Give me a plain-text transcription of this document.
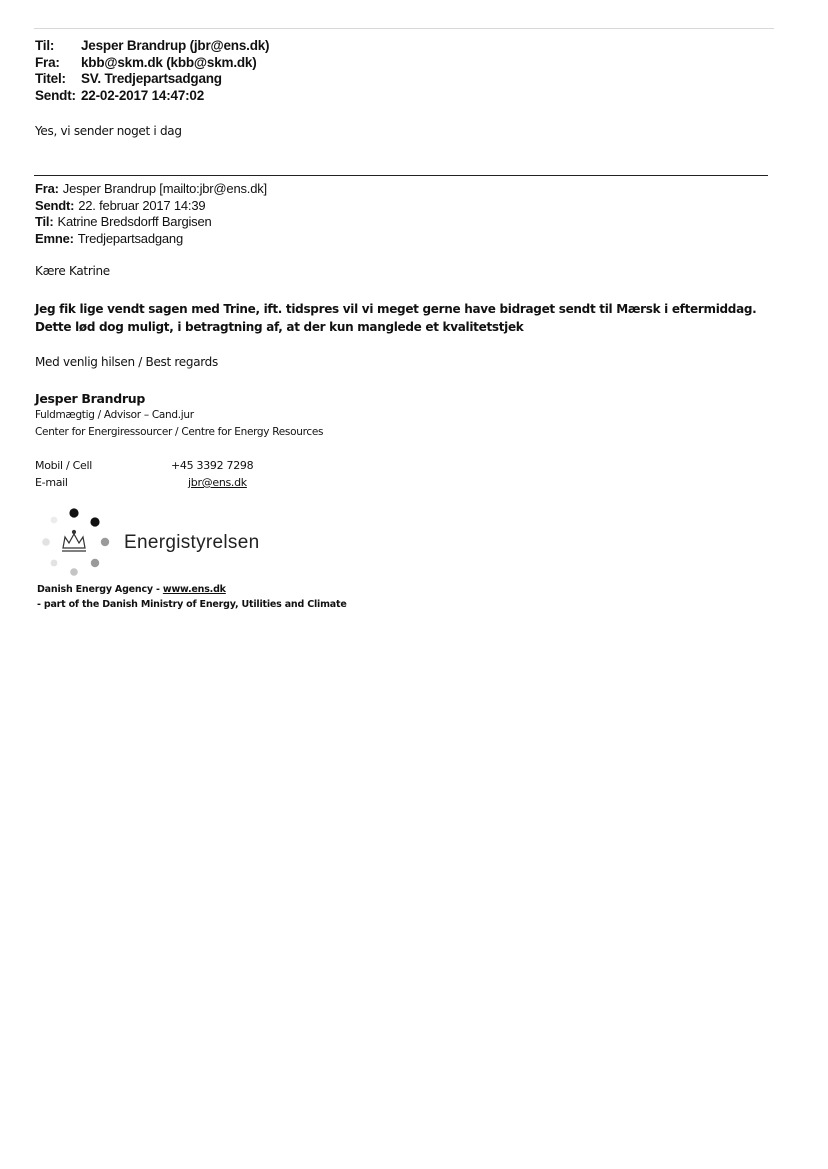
Til:	Jesper Brandrup (jbr@ens.dk)
Fra:	kbb@skm.dk (kbb@skm.dk)
Titel:	SV. Tredjepartsadgang
Sendt: 22-02-2017 14:47:02
Yes, vi sender noget i dag
Fra: Jesper Brandrup [mailto:jbr@ens.dk]
Sendt: 22. februar 2017 14:39
Til: Katrine Bredsdorff Bargisen
Emne: Tredjepartsadgang
Kære Katrine
Jeg fik lige vendt sagen med Trine, ift. tidspres vil vi meget gerne have bidraget sendt til Mærsk i eftermiddag. Dette lød dog muligt, i betragtning af, at der kun manglede et kvalitetstjek
Med venlig hilsen / Best regards
Jesper Brandrup
Fuldmægtig / Advisor – Cand.jur
Center for Energiressourcer / Centre for Energy Resources
Mobil / Cell	+45 3392 7298
E-mail	jbr@ens.dk
Energistyrelsen
Danish Energy Agency - www.ens.dk
- part of the Danish Ministry of Energy, Utilities and Climate
